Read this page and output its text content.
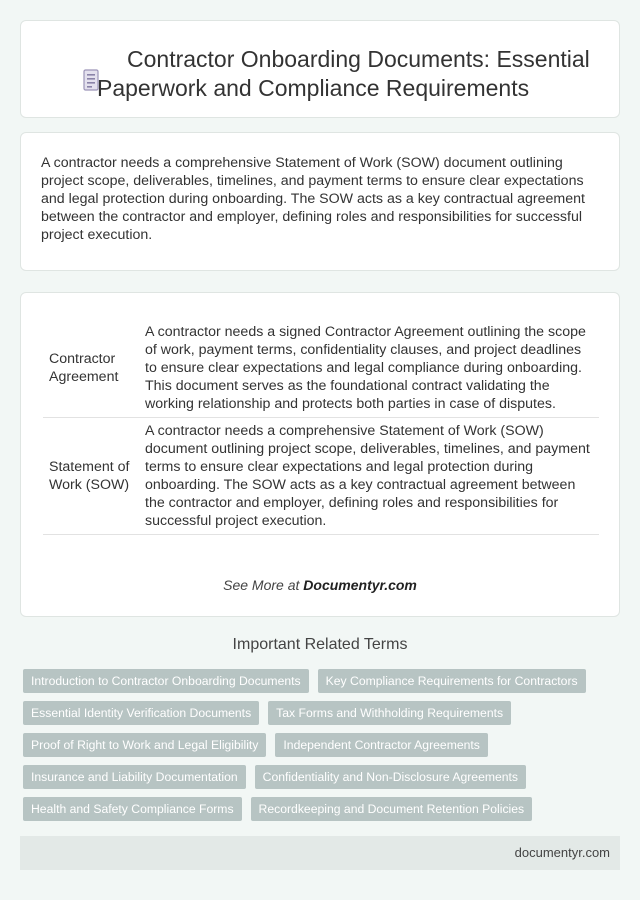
Contractor Onboarding Documents: Essential Paperwork and Compliance Requirements

A contractor needs a comprehensive Statement of Work (SOW) document outlining project scope, deliverables, timelines, and payment terms to ensure clear expectations and legal protection during onboarding. The SOW acts as a key contractual agreement between the contractor and employer, defining roles and responsibilities for successful project execution.

Contractor Agreement	A contractor needs a signed Contractor Agreement outlining the scope of work, payment terms, confidentiality clauses, and project deadlines to ensure clear expectations and legal compliance during onboarding. This document serves as the foundational contract validating the working relationship and protects both parties in case of disputes.
Statement of Work (SOW)	A contractor needs a comprehensive Statement of Work (SOW) document outlining project scope, deliverables, timelines, and payment terms to ensure clear expectations and legal protection during onboarding. The SOW acts as a key contractual agreement between the contractor and employer, defining roles and responsibilities for successful project execution.
See More at Documentyr.com
Important Related Terms
Introduction to Contractor Onboarding Documents	Key Compliance Requirements for Contractors
Essential Identity Verification Documents	Tax Forms and Withholding Requirements
Proof of Right to Work and Legal Eligibility	Independent Contractor Agreements
Insurance and Liability Documentation	Confidentiality and Non-Disclosure Agreements
Health and Safety Compliance Forms	Recordkeeping and Document Retention Policies
documentyr.com
